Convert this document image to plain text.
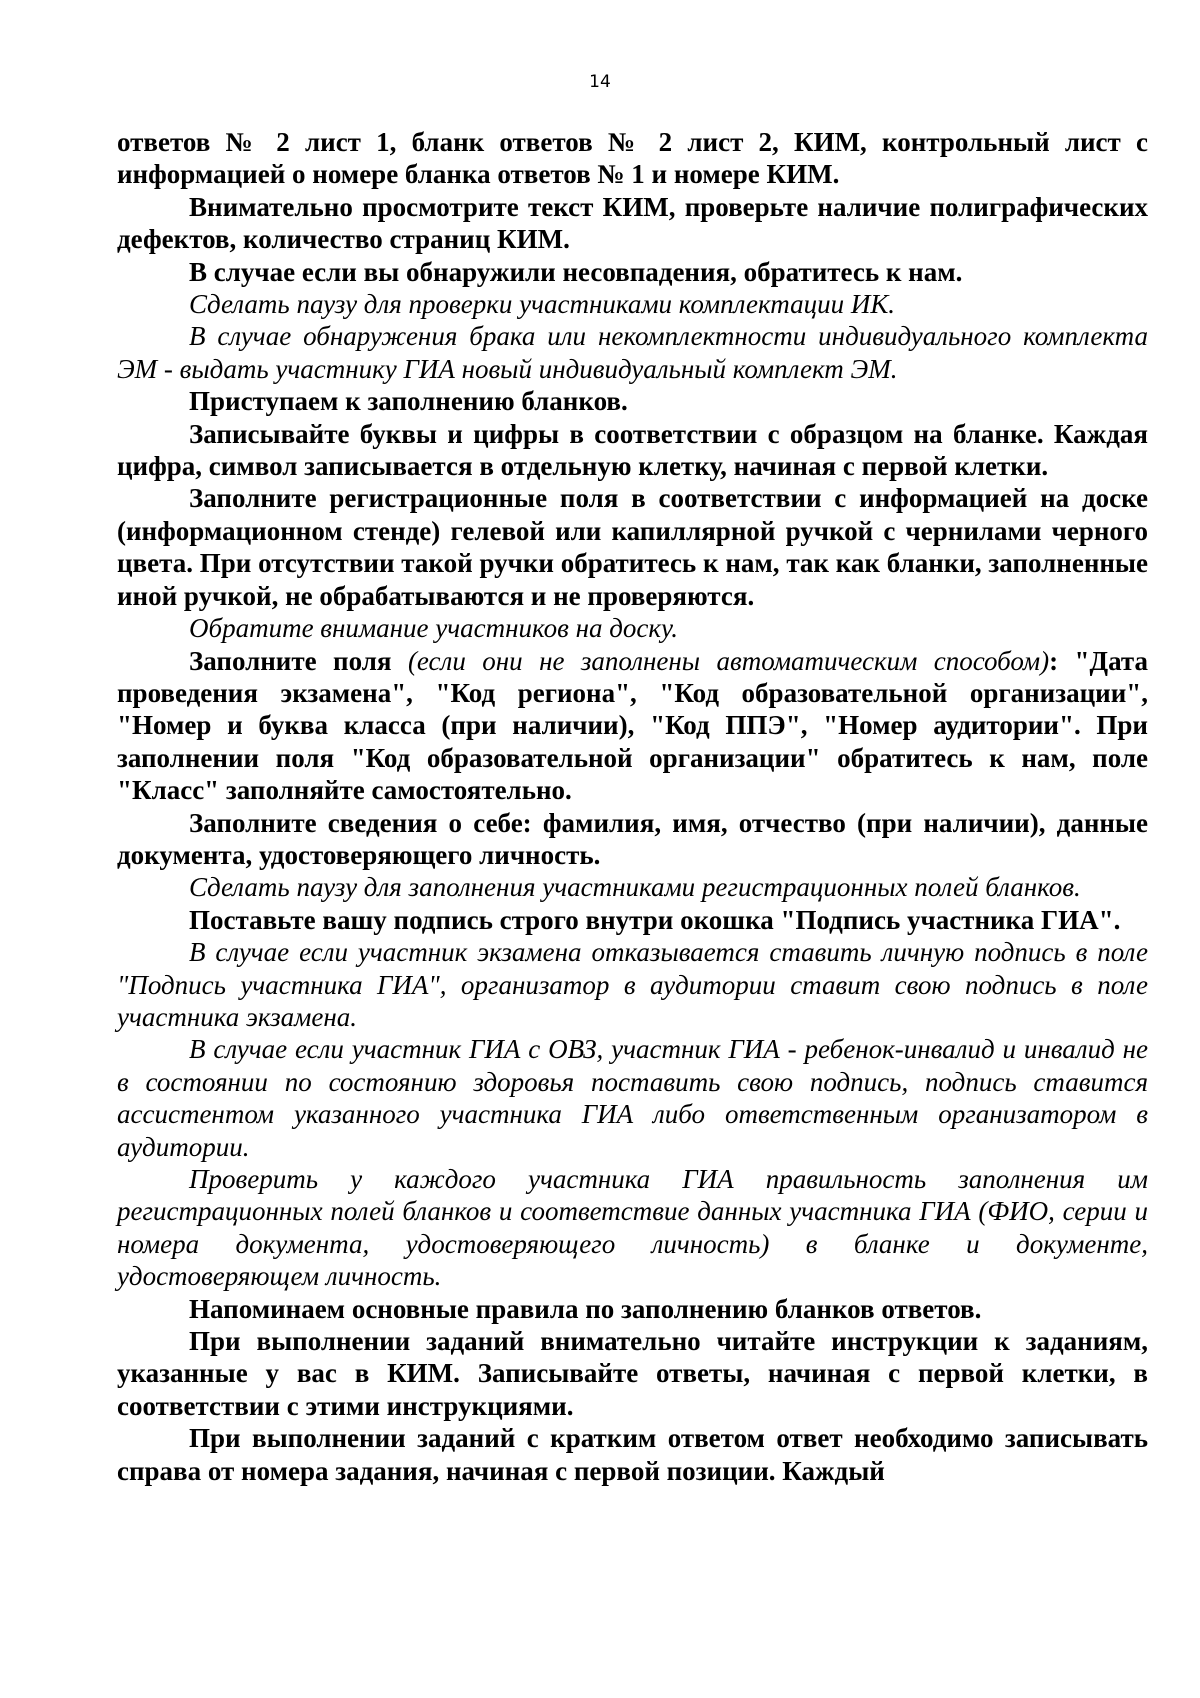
14

ответов № 2 лист 1, бланк ответов № 2 лист 2, КИМ, контрольный лист с информацией о номере бланка ответов № 1 и номере КИМ.

Внимательно просмотрите текст КИМ, проверьте наличие полиграфических дефектов, количество страниц КИМ.

В случае если вы обнаружили несовпадения, обратитесь к нам.

Сделать паузу для проверки участниками комплектации ИК.

В случае обнаружения брака или некомплектности индивидуального комплекта ЭМ - выдать участнику ГИА новый индивидуальный комплект ЭМ.

Приступаем к заполнению бланков.

Записывайте буквы и цифры в соответствии с образцом на бланке. Каждая цифра, символ записывается в отдельную клетку, начиная с первой клетки.

Заполните регистрационные поля в соответствии с информацией на доске (информационном стенде) гелевой или капиллярной ручкой с чернилами черного цвета. При отсутствии такой ручки обратитесь к нам, так как бланки, заполненные иной ручкой, не обрабатываются и не проверяются.

Обратите внимание участников на доску.

Заполните поля (если они не заполнены автоматическим способом): "Дата проведения экзамена", "Код региона", "Код образовательной организации", "Номер и буква класса (при наличии), "Код ППЭ", "Номер аудитории". При заполнении поля "Код образовательной организации" обратитесь к нам, поле "Класс" заполняйте самостоятельно.

Заполните сведения о себе: фамилия, имя, отчество (при наличии), данные документа, удостоверяющего личность.

Сделать паузу для заполнения участниками регистрационных полей бланков.

Поставьте вашу подпись строго внутри окошка "Подпись участника ГИА".

В случае если участник экзамена отказывается ставить личную подпись в поле "Подпись участника ГИА", организатор в аудитории ставит свою подпись в поле участника экзамена.

В случае если участник ГИА с ОВЗ, участник ГИА - ребенок-инвалид и инвалид не в состоянии по состоянию здоровья поставить свою подпись, подпись ставится ассистентом указанного участника ГИА либо ответственным организатором в аудитории.

Проверить у каждого участника ГИА правильность заполнения им регистрационных полей бланков и соответствие данных участника ГИА (ФИО, серии и номера документа, удостоверяющего личность) в бланке и документе, удостоверяющем личность.

Напоминаем основные правила по заполнению бланков ответов.

При выполнении заданий внимательно читайте инструкции к заданиям, указанные у вас в КИМ. Записывайте ответы, начиная с первой клетки, в соответствии с этими инструкциями.

При выполнении заданий с кратким ответом ответ необходимо записывать справа от номера задания, начиная с первой позиции. Каждый
